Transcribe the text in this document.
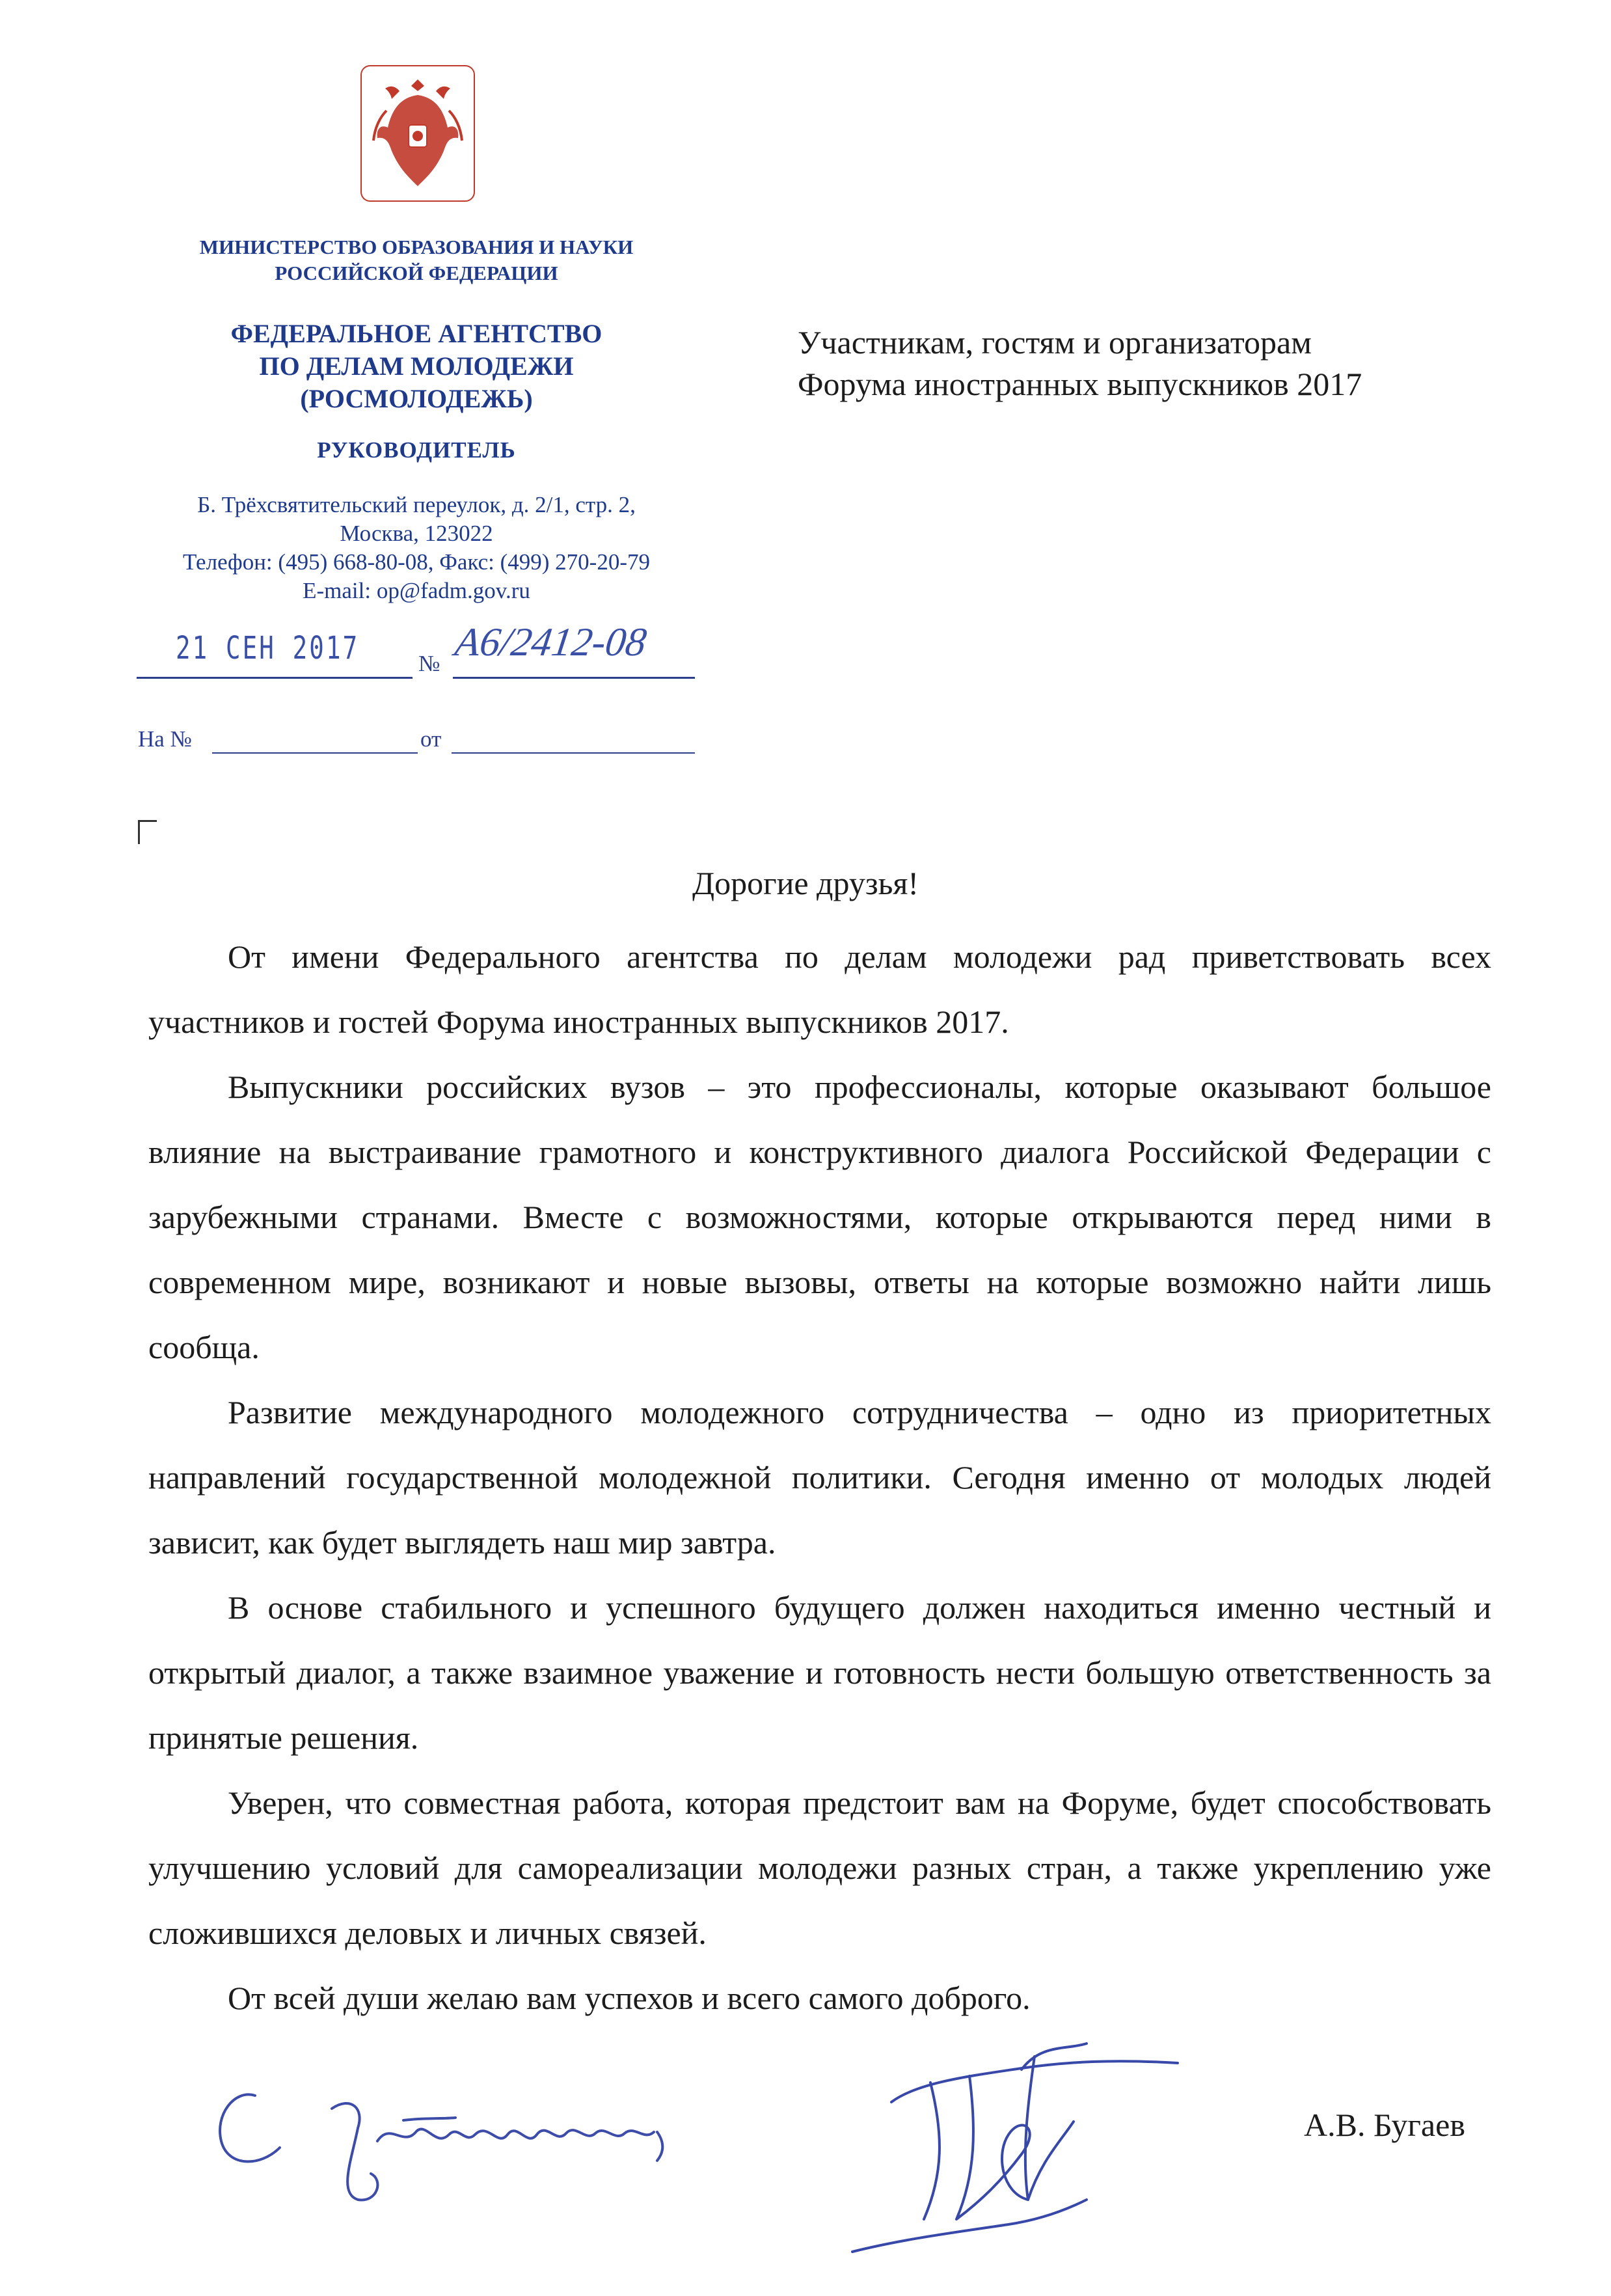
МИНИСТЕРСТВО ОБРАЗОВАНИЯ И НАУКИ
РОССИЙСКОЙ ФЕДЕРАЦИИ
ФЕДЕРАЛЬНОЕ АГЕНТСТВО
ПО ДЕЛАМ МОЛОДЕЖИ
(РОСМОЛОДЕЖЬ)
РУКОВОДИТЕЛЬ
Б. Трёхсвятительский переулок, д. 2/1, стр. 2,
Москва, 123022
Телефон: (495) 668-80-08, Факс: (499) 270-20-79
E-mail: op@fadm.gov.ru
21 СЕН 2017	№ А6/2412-08
На №	от
Участникам, гостям и организаторам
Форума иностранных выпускников 2017
Дорогие друзья!

От имени Федерального агентства по делам молодежи рад приветствовать всех участников и гостей Форума иностранных выпускников 2017.

Выпускники российских вузов – это профессионалы, которые оказывают большое влияние на выстраивание грамотного и конструктивного диалога Российской Федерации с зарубежными странами. Вместе с возможностями, которые открываются перед ними в современном мире, возникают и новые вызовы, ответы на которые возможно найти лишь сообща.

Развитие международного молодежного сотрудничества – одно из приоритетных направлений государственной молодежной политики. Сегодня именно от молодых людей зависит, как будет выглядеть наш мир завтра.

В основе стабильного и успешного будущего должен находиться именно честный и открытый диалог, а также взаимное уважение и готовность нести большую ответственность за принятые решения.

Уверен, что совместная работа, которая предстоит вам на Форуме, будет способствовать улучшению условий для самореализации молодежи разных стран, а также укреплению уже сложившихся деловых и личных связей.

От всей души желаю вам успехов и всего самого доброго.

А.В. Бугаев
